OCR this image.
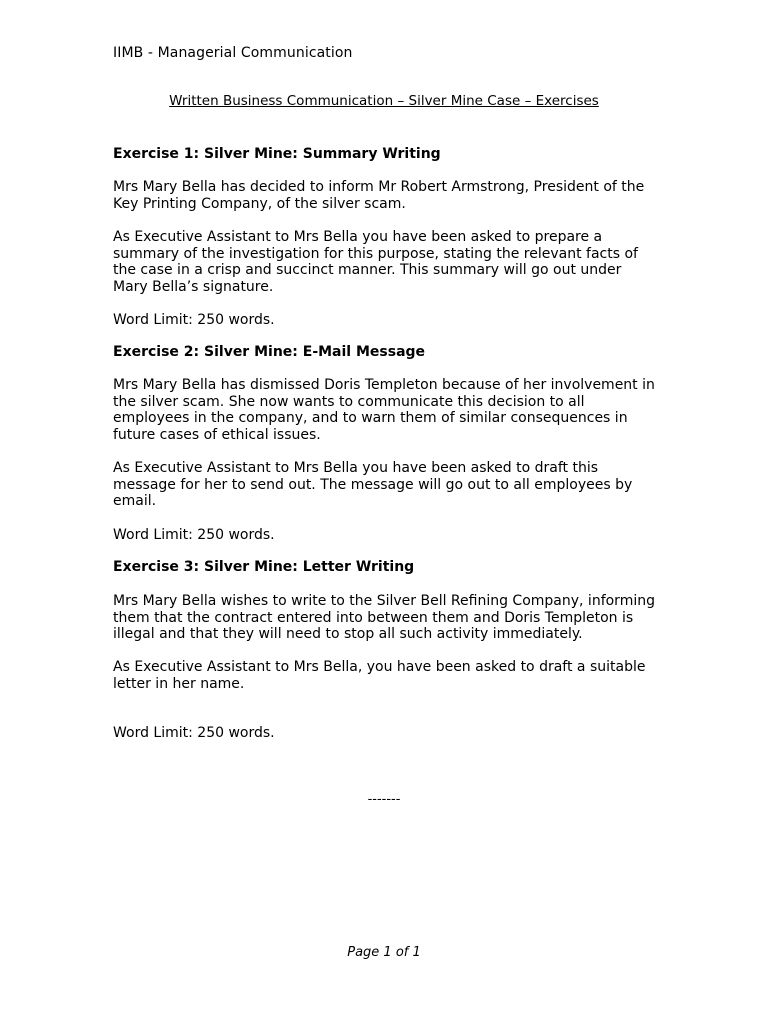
IIMB - Managerial Communication

Written Business Communication – Silver Mine Case – Exercises

Exercise 1: Silver Mine: Summary Writing

Mrs Mary Bella has decided to inform Mr Robert Armstrong, President of the Key Printing Company, of the silver scam.

As Executive Assistant to Mrs Bella you have been asked to prepare a summary of the investigation for this purpose, stating the relevant facts of the case in a crisp and succinct manner. This summary will go out under Mary Bella’s signature.

Word Limit: 250 words.

Exercise 2: Silver Mine: E-Mail Message

Mrs Mary Bella has dismissed Doris Templeton because of her involvement in the silver scam. She now wants to communicate this decision to all employees in the company, and to warn them of similar consequences in future cases of ethical issues.

As Executive Assistant to Mrs Bella you have been asked to draft this message for her to send out. The message will go out to all employees by email.

Word Limit: 250 words.

Exercise 3: Silver Mine: Letter Writing

Mrs Mary Bella wishes to write to the Silver Bell Refining Company, informing them that the contract entered into between them and Doris Templeton is illegal and that they will need to stop all such activity immediately.

As Executive Assistant to Mrs Bella, you have been asked to draft a suitable letter in her name.

Word Limit: 250 words.

-------

Page 1 of 1
